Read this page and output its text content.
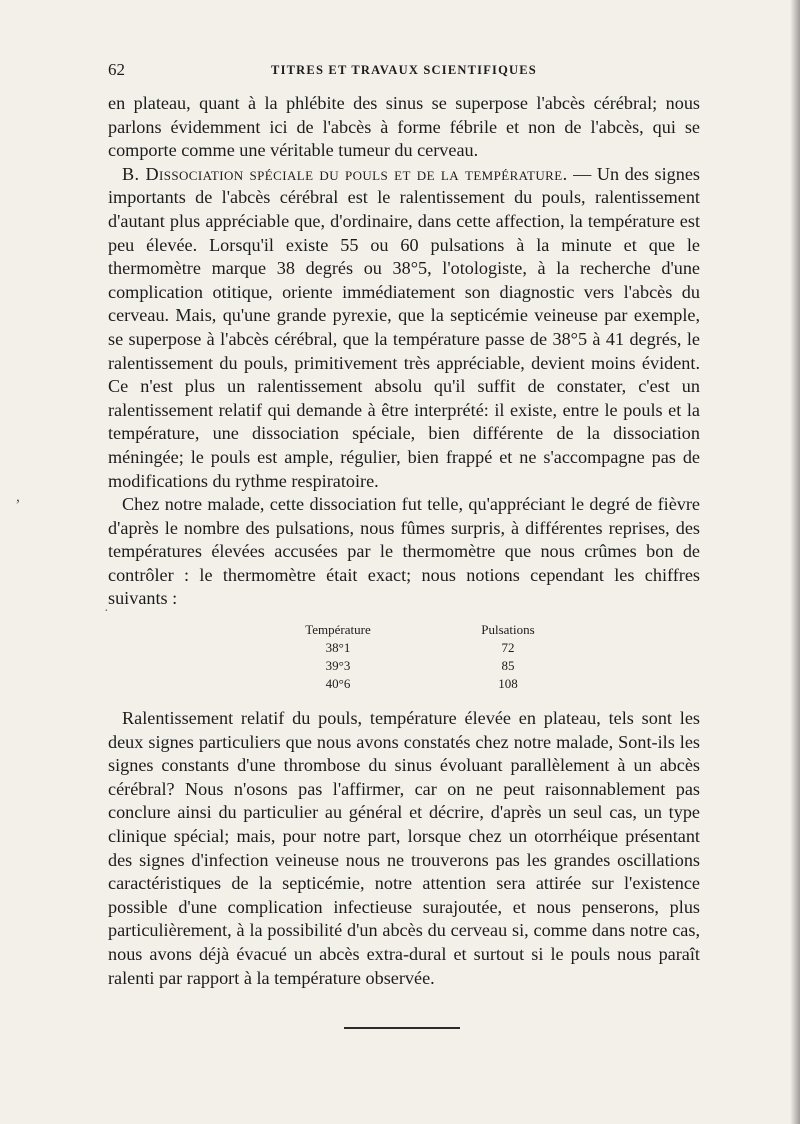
62	TITRES ET TRAVAUX SCIENTIFIQUES

en plateau, quant à la phlébite des sinus se superpose l'abcès cérébral; nous parlons évidemment ici de l'abcès à forme fébrile et non de l'abcès, qui se comporte comme une véritable tumeur du cerveau.

B. Dissociation spéciale du pouls et de la température. — Un des signes importants de l'abcès cérébral est le ralentissement du pouls, ralentissement d'autant plus appréciable que, d'ordinaire, dans cette affection, la température est peu élevée. Lorsqu'il existe 55 ou 60 pulsations à la minute et que le thermomètre marque 38 degrés ou 38°5, l'otologiste, à la recherche d'une complication otitique, oriente immédiatement son diagnostic vers l'abcès du cerveau. Mais, qu'une grande pyrexie, que la septicémie veineuse par exemple, se superpose à l'abcès cérébral, que la température passe de 38°5 à 41 degrés, le ralentissement du pouls, primitivement très appréciable, devient moins évident. Ce n'est plus un ralentissement absolu qu'il suffit de constater, c'est un ralentissement relatif qui demande à être interprété: il existe, entre le pouls et la température, une dissociation spéciale, bien différente de la dissociation méningée; le pouls est ample, régulier, bien frappé et ne s'accompagne pas de modifications du rythme respiratoire.

Chez notre malade, cette dissociation fut telle, qu'appréciant le degré de fièvre d'après le nombre des pulsations, nous fûmes surpris, à différentes reprises, des températures élevées accusées par le thermomètre que nous crûmes bon de contrôler : le thermomètre était exact; nous notions cependant les chiffres suivants :

Température	Pulsations	
38°1	72	
39°3	85	
40°6	108	

Ralentissement relatif du pouls, température élevée en plateau, tels sont les deux signes particuliers que nous avons constatés chez notre malade, Sont-ils les signes constants d'une thrombose du sinus évoluant parallèlement à un abcès cérébral? Nous n'osons pas l'affirmer, car on ne peut raisonnablement pas conclure ainsi du particulier au général et décrire, d'après un seul cas, un type clinique spécial; mais, pour notre part, lorsque chez un otorrhéique présentant des signes d'infection veineuse nous ne trouverons pas les grandes oscillations caractéristiques de la septicémie, notre attention sera attirée sur l'existence possible d'une complication infectieuse surajoutée, et nous penserons, plus particulièrement, à la possibilité d'un abcès du cerveau si, comme dans notre cas, nous avons déjà évacué un abcès extra-dural et surtout si le pouls nous paraît ralenti par rapport à la température observée.

,
·
